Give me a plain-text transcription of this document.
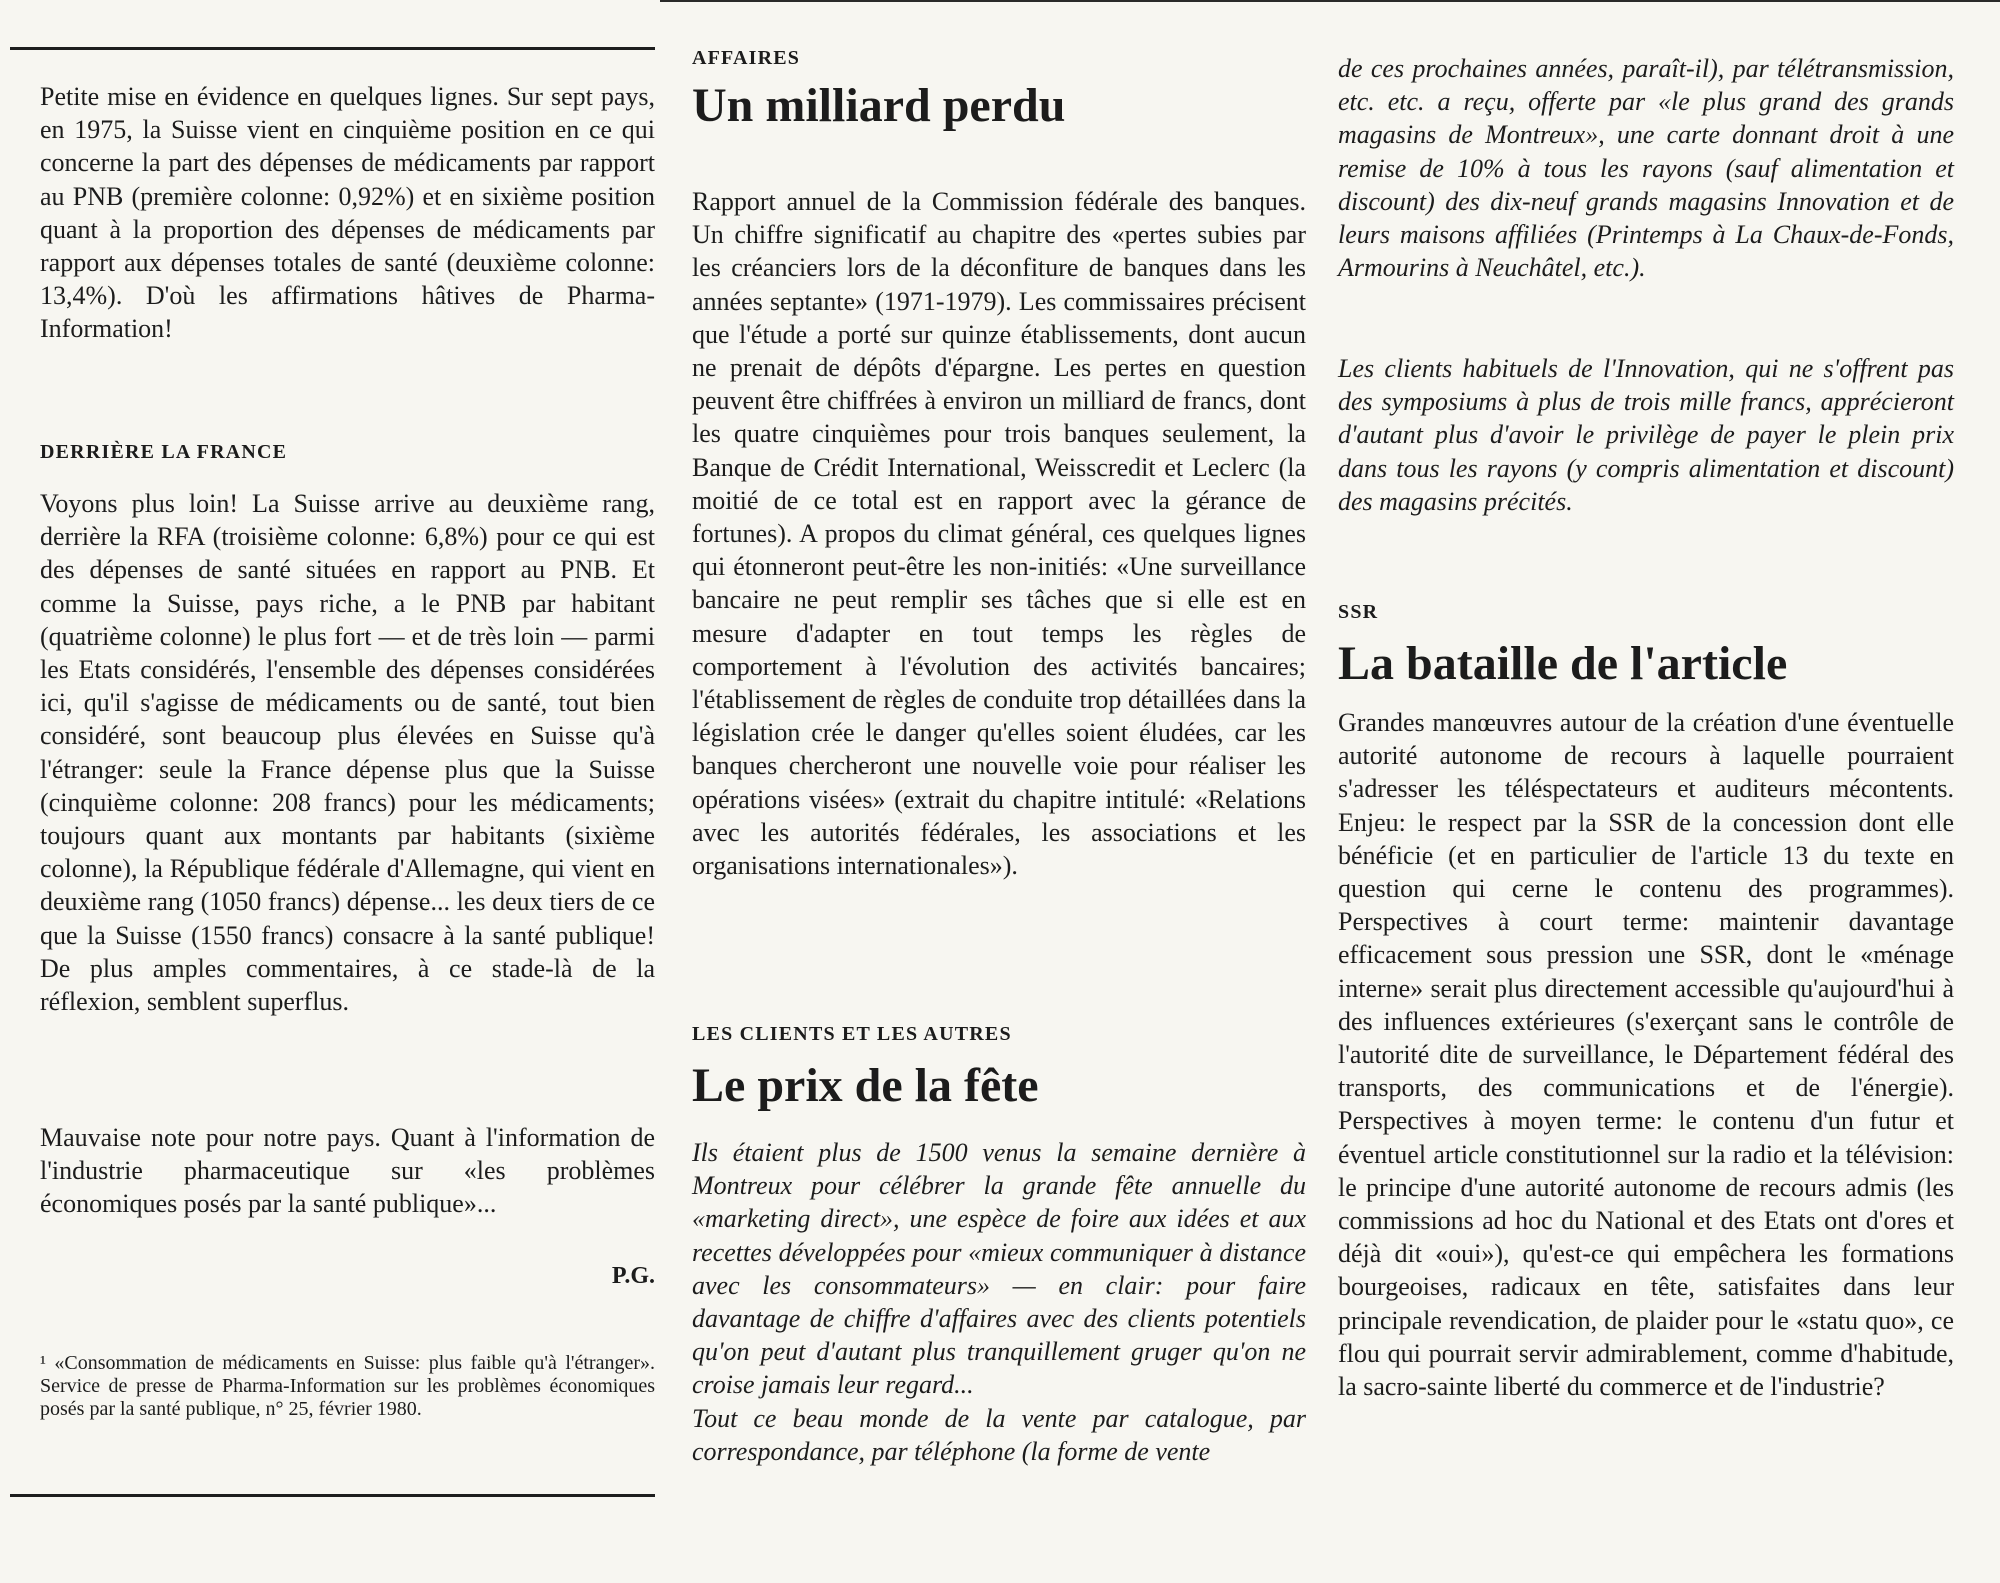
Petite mise en évidence en quelques lignes. Sur sept pays, en 1975, la Suisse vient en cinquième position en ce qui concerne la part des dépenses de médicaments par rapport au PNB (première colonne: 0,92%) et en sixième position quant à la proportion des dépenses de médicaments par rapport aux dépenses totales de santé (deuxième colonne: 13,4%). D'où les affirmations hâtives de Pharma-Information!

DERRIÈRE LA FRANCE

Voyons plus loin! La Suisse arrive au deuxième rang, derrière la RFA (troisième colonne: 6,8%) pour ce qui est des dépenses de santé situées en rapport au PNB. Et comme la Suisse, pays riche, a le PNB par habitant (quatrième colonne) le plus fort — et de très loin — parmi les Etats considérés, l'ensemble des dépenses considérées ici, qu'il s'agisse de médicaments ou de santé, tout bien considéré, sont beaucoup plus élevées en Suisse qu'à l'étranger: seule la France dépense plus que la Suisse (cinquième colonne: 208 francs) pour les médicaments; toujours quant aux montants par habitants (sixième colonne), la République fédérale d'Allemagne, qui vient en deuxième rang (1050 francs) dépense... les deux tiers de ce que la Suisse (1550 francs) consacre à la santé publique! De plus amples commentaires, à ce stade-là de la réflexion, semblent superflus.

Mauvaise note pour notre pays. Quant à l'information de l'industrie pharmaceutique sur «les problèmes économiques posés par la santé publique»...

P.G.

¹ «Consommation de médicaments en Suisse: plus faible qu'à l'étranger». Service de presse de Pharma-Information sur les problèmes économiques posés par la santé publique, n° 25, février 1980.

AFFAIRES

Un milliard perdu

Rapport annuel de la Commission fédérale des banques. Un chiffre significatif au chapitre des «pertes subies par les créanciers lors de la déconfiture de banques dans les années septante» (1971-1979). Les commissaires précisent que l'étude a porté sur quinze établissements, dont aucun ne prenait de dépôts d'épargne. Les pertes en question peuvent être chiffrées à environ un milliard de francs, dont les quatre cinquièmes pour trois banques seulement, la Banque de Crédit International, Weisscredit et Leclerc (la moitié de ce total est en rapport avec la gérance de fortunes). A propos du climat général, ces quelques lignes qui étonneront peut-être les non-initiés: «Une surveillance bancaire ne peut remplir ses tâches que si elle est en mesure d'adapter en tout temps les règles de comportement à l'évolution des activités bancaires; l'établissement de règles de conduite trop détaillées dans la législation crée le danger qu'elles soient éludées, car les banques chercheront une nouvelle voie pour réaliser les opérations visées» (extrait du chapitre intitulé: «Relations avec les autorités fédérales, les associations et les organisations internationales»).

LES CLIENTS ET LES AUTRES

Le prix de la fête

Ils étaient plus de 1500 venus la semaine dernière à Montreux pour célébrer la grande fête annuelle du «marketing direct», une espèce de foire aux idées et aux recettes développées pour «mieux communiquer à distance avec les consommateurs» — en clair: pour faire davantage de chiffre d'affaires avec des clients potentiels qu'on peut d'autant plus tranquillement gruger qu'on ne croise jamais leur regard...

Tout ce beau monde de la vente par catalogue, par correspondance, par téléphone (la forme de vente

de ces prochaines années, paraît-il), par télétransmission, etc. etc. a reçu, offerte par «le plus grand des grands magasins de Montreux», une carte donnant droit à une remise de 10% à tous les rayons (sauf alimentation et discount) des dix-neuf grands magasins Innovation et de leurs maisons affiliées (Printemps à La Chaux-de-Fonds, Armourins à Neuchâtel, etc.).

Les clients habituels de l'Innovation, qui ne s'offrent pas des symposiums à plus de trois mille francs, apprécieront d'autant plus d'avoir le privilège de payer le plein prix dans tous les rayons (y compris alimentation et discount) des magasins précités.

SSR

La bataille de l'article

Grandes manœuvres autour de la création d'une éventuelle autorité autonome de recours à laquelle pourraient s'adresser les téléspectateurs et auditeurs mécontents. Enjeu: le respect par la SSR de la concession dont elle bénéficie (et en particulier de l'article 13 du texte en question qui cerne le contenu des programmes). Perspectives à court terme: maintenir davantage efficacement sous pression une SSR, dont le «ménage interne» serait plus directement accessible qu'aujourd'hui à des influences extérieures (s'exerçant sans le contrôle de l'autorité dite de surveillance, le Département fédéral des transports, des communications et de l'énergie). Perspectives à moyen terme: le contenu d'un futur et éventuel article constitutionnel sur la radio et la télévision: le principe d'une autorité autonome de recours admis (les commissions ad hoc du National et des Etats ont d'ores et déjà dit «oui»), qu'est-ce qui empêchera les formations bourgeoises, radicaux en tête, satisfaites dans leur principale revendication, de plaider pour le «statu quo», ce flou qui pourrait servir admirablement, comme d'habitude, la sacro-sainte liberté du commerce et de l'industrie?
